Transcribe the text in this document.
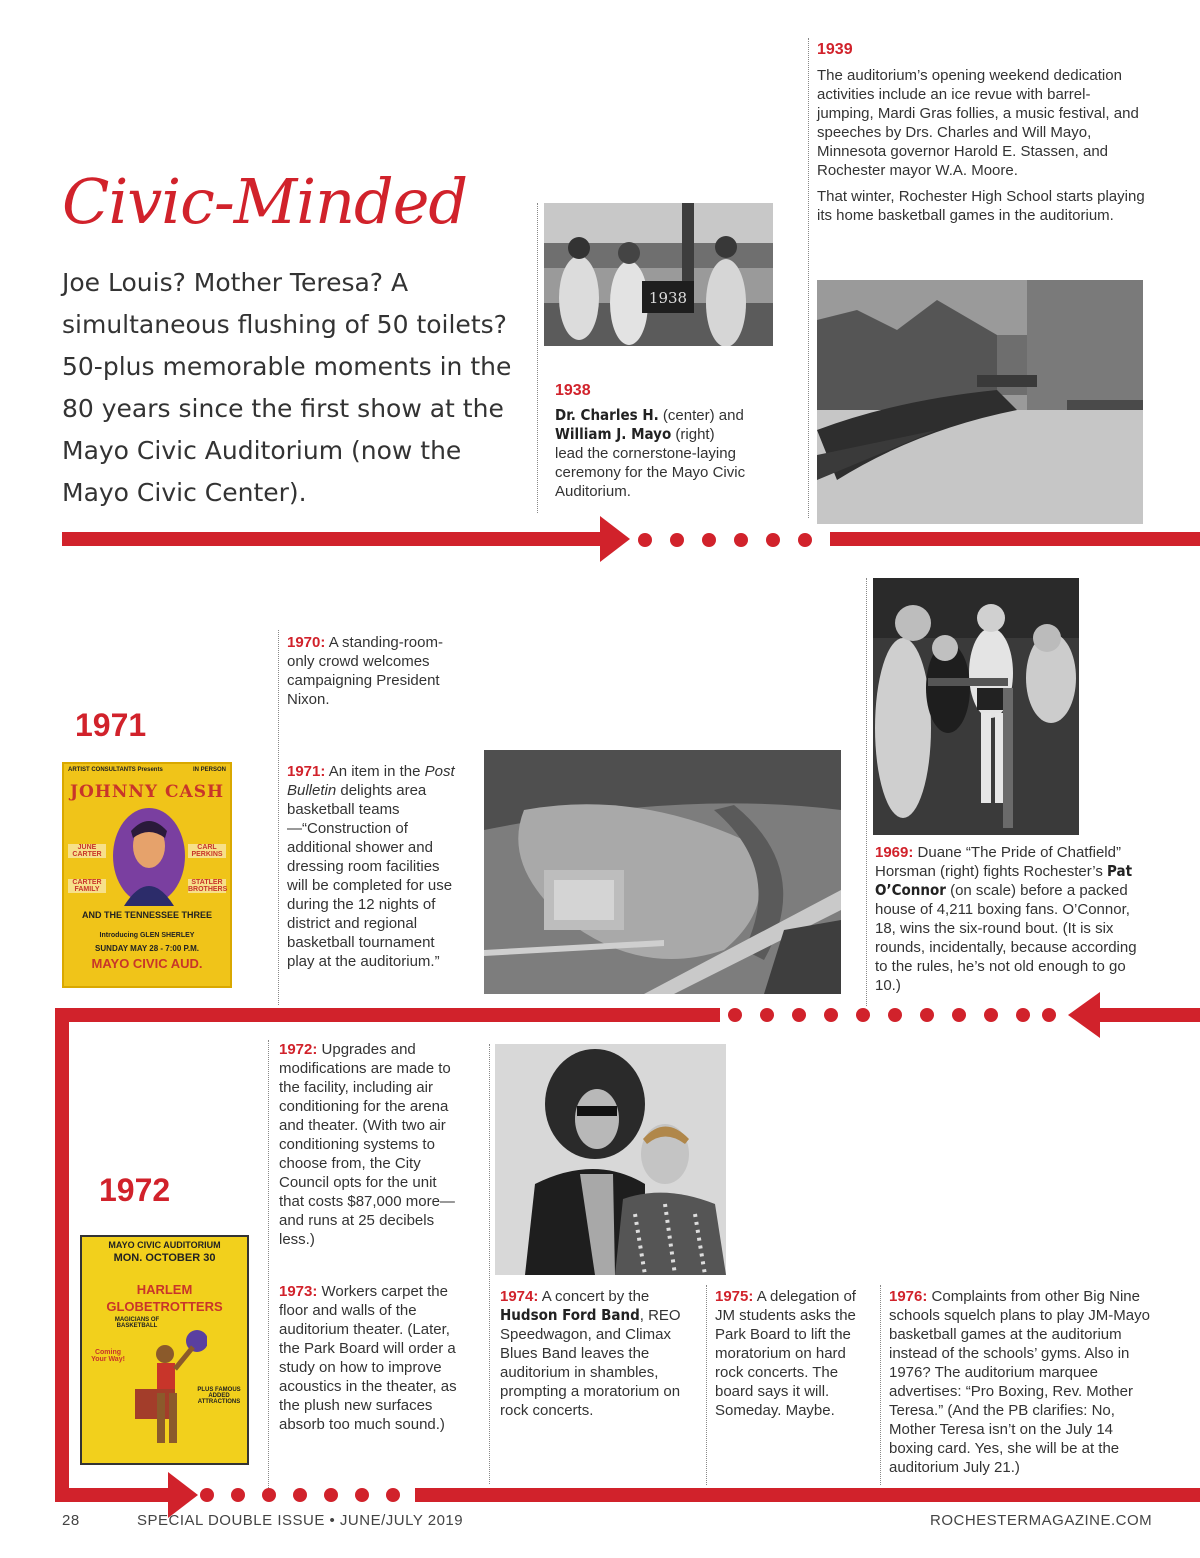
Civic-Minded
Joe Louis? Mother Teresa? A simultaneous flushing of 50 toilets? 50-plus memorable moments in the 80 years since the first show at the Mayo Civic Auditorium (now the Mayo Civic Center).
1938
1938
Dr. Charles H. (center) and
William J. Mayo (right)
lead the cornerstone-laying ceremony for the Mayo Civic Auditorium.
1939
The auditorium’s opening weekend dedication activities include an ice revue with barrel-jumping, Mardi Gras follies, a music festival, and speeches by Drs. Charles and Will Mayo, Minnesota governor Harold E. Stassen, and Rochester mayor W.A. Moore.
That winter, Rochester High School starts playing its home basketball games in the auditorium.
1971
ARTIST CONSULTANTS Presents	IN PERSON
JOHNNY CASH
JUNE CARTER
CARL PERKINS
CARTER FAMILY
STATLER BROTHERS
AND THE TENNESSEE THREE
Introducing GLEN SHERLEY
SUNDAY MAY 28 - 7:00 P.M.
MAYO CIVIC AUD.
1970: A standing-room-only crowd welcomes campaigning President Nixon.
1971: An item in the Post Bulletin delights area basketball teams—“Construction of additional shower and dressing room facilities will be completed for use during the 12 nights of district and regional basketball tournament play at the auditorium.”
1969: Duane “The Pride of Chatfield” Horsman (right) fights Rochester’s Pat O’Connor (on scale) before a packed house of 4,211 boxing fans. O’Connor, 18, wins the six-round bout. (It is six rounds, incidentally, because according to the rules, he’s not old enough to go 10.)
1972
MAYO CIVIC AUDITORIUM
MON. OCTOBER 30
HARLEM
GLOBETROTTERS
MAGICIANS OF BASKETBALL
Coming Your Way!
PLUS FAMOUS ADDED ATTRACTIONS
1972: Upgrades and modifications are made to the facility, including air conditioning for the arena and theater. (With two air conditioning systems to choose from, the City Council opts for the unit that costs $87,000 more—and runs at 25 decibels less.)
1973: Workers carpet the floor and walls of the auditorium theater. (Later, the Park Board will order a study on how to improve acoustics in the theater, as the plush new surfaces absorb too much sound.)
1974: A concert by the Hudson Ford Band, REO Speedwagon, and Climax Blues Band leaves the auditorium in shambles, prompting a moratorium on rock concerts.
1975: A delegation of JM students asks the Park Board to lift the moratorium on hard rock concerts. The board says it will. Someday. Maybe.
1976: Complaints from other Big Nine schools squelch plans to play JM-Mayo basketball games at the auditorium instead of the schools’ gyms. Also in 1976? The auditorium marquee advertises: “Pro Boxing, Rev. Mother Teresa.” (And the PB clarifies: No, Mother Teresa isn’t on the July 14 boxing card. Yes, she will be at the auditorium July 21.)
28	SPECIAL DOUBLE ISSUE • JUNE/JULY 2019	ROCHESTERMAGAZINE.COM
